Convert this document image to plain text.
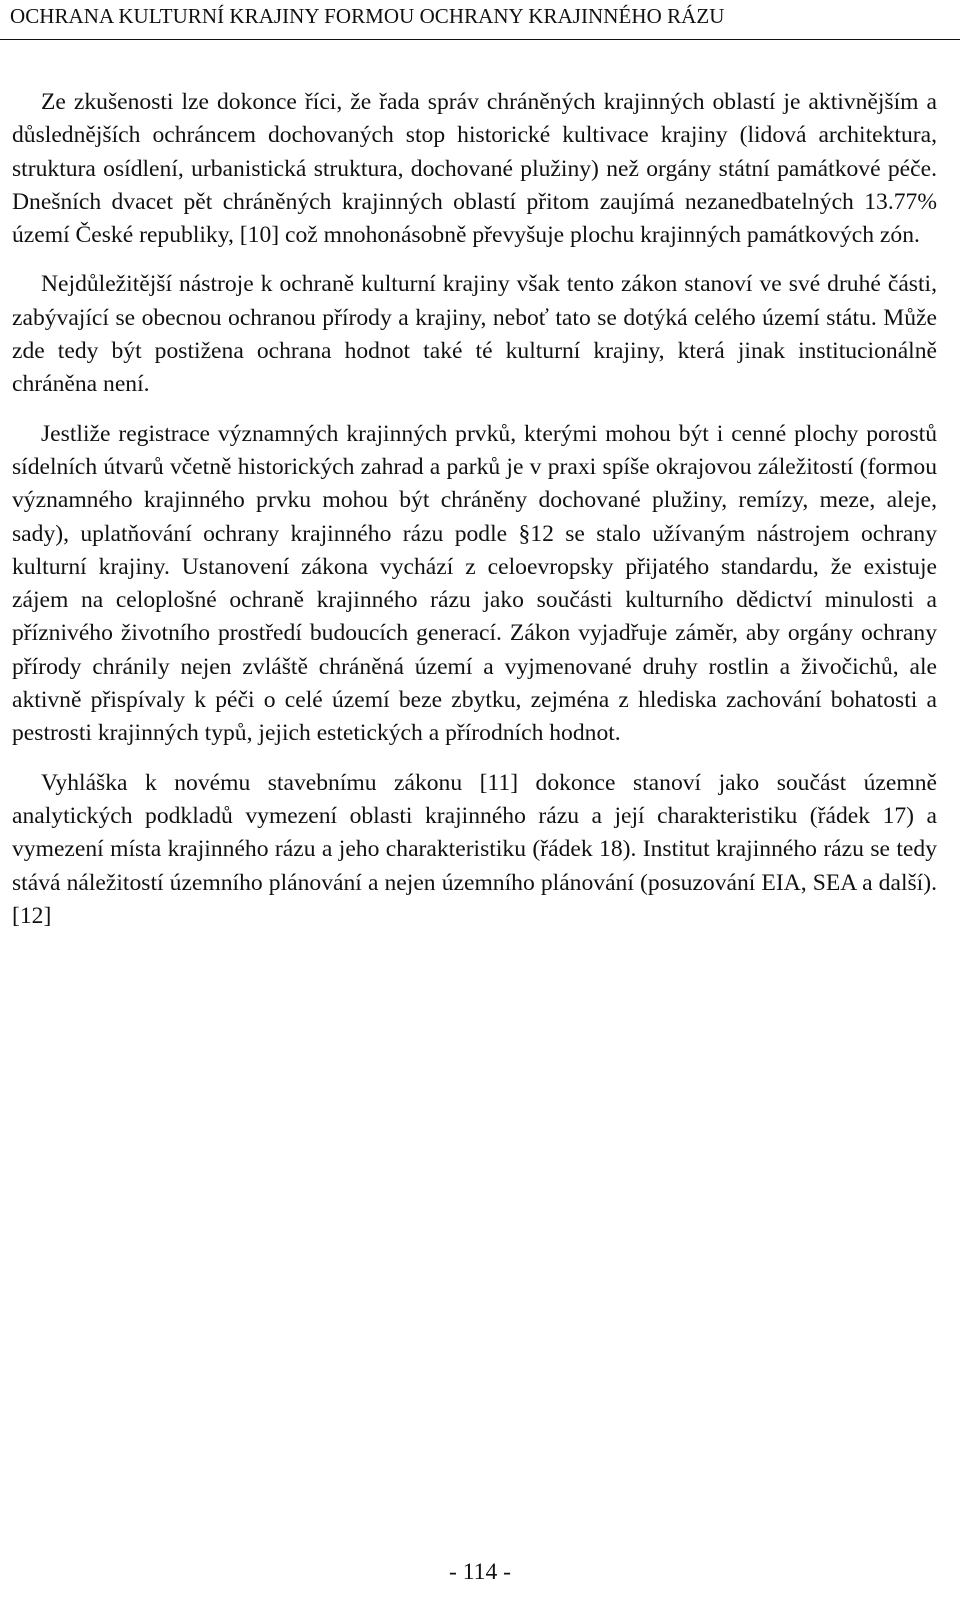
OCHRANA KULTURNÍ KRAJINY FORMOU OCHRANY KRAJINNÉHO RÁZU

Ze zkušenosti lze dokonce říci, že řada správ chráněných krajinných oblastí je aktivnějším a důslednějších ochráncem dochovaných stop historické kultivace krajiny (lidová architektura, struktura osídlení, urbanistická struktura, dochované plužiny) než orgány státní památkové péče. Dnešních dvacet pět chráněných krajinných oblastí přitom zaujímá nezanedbatelných 13.77% území České republiky, [10] což mnohonásobně převyšuje plochu krajinných památkových zón.

Nejdůležitější nástroje k ochraně kulturní krajiny však tento zákon stanoví ve své druhé části, zabývající se obecnou ochranou přírody a krajiny, neboť tato se dotýká celého území státu. Může zde tedy být postižena ochrana hodnot také té kulturní krajiny, která jinak institucionálně chráněna není.

Jestliže registrace významných krajinných prvků, kterými mohou být i cenné plochy porostů sídelních útvarů včetně historických zahrad a parků je v praxi spíše okrajovou záležitostí (formou významného krajinného prvku mohou být chráněny dochované plužiny, remízy, meze, aleje, sady), uplatňování ochrany krajinného rázu podle §12 se stalo užívaným nástrojem ochrany kulturní krajiny. Ustanovení zákona vychází z celoevropsky přijatého standardu, že existuje zájem na celoplošné ochraně krajinného rázu jako součásti kulturního dědictví minulosti a příznivého životního prostředí budoucích generací. Zákon vyjadřuje záměr, aby orgány ochrany přírody chránily nejen zvláště chráněná území a vyjmenované druhy rostlin a živočichů, ale aktivně přispívaly k péči o celé území beze zbytku, zejména z hlediska zachování bohatosti a pestrosti krajinných typů, jejich estetických a přírodních hodnot.

Vyhláška k novému stavebnímu zákonu [11] dokonce stanoví jako součást územně analytických podkladů vymezení oblasti krajinného rázu a její charakteristiku (řádek 17) a vymezení místa krajinného rázu a jeho charakteristiku (řádek 18). Institut krajinného rázu se tedy stává náležitostí územního plánování a nejen územního plánování (posuzování EIA, SEA a další). [12]

- 114 -
